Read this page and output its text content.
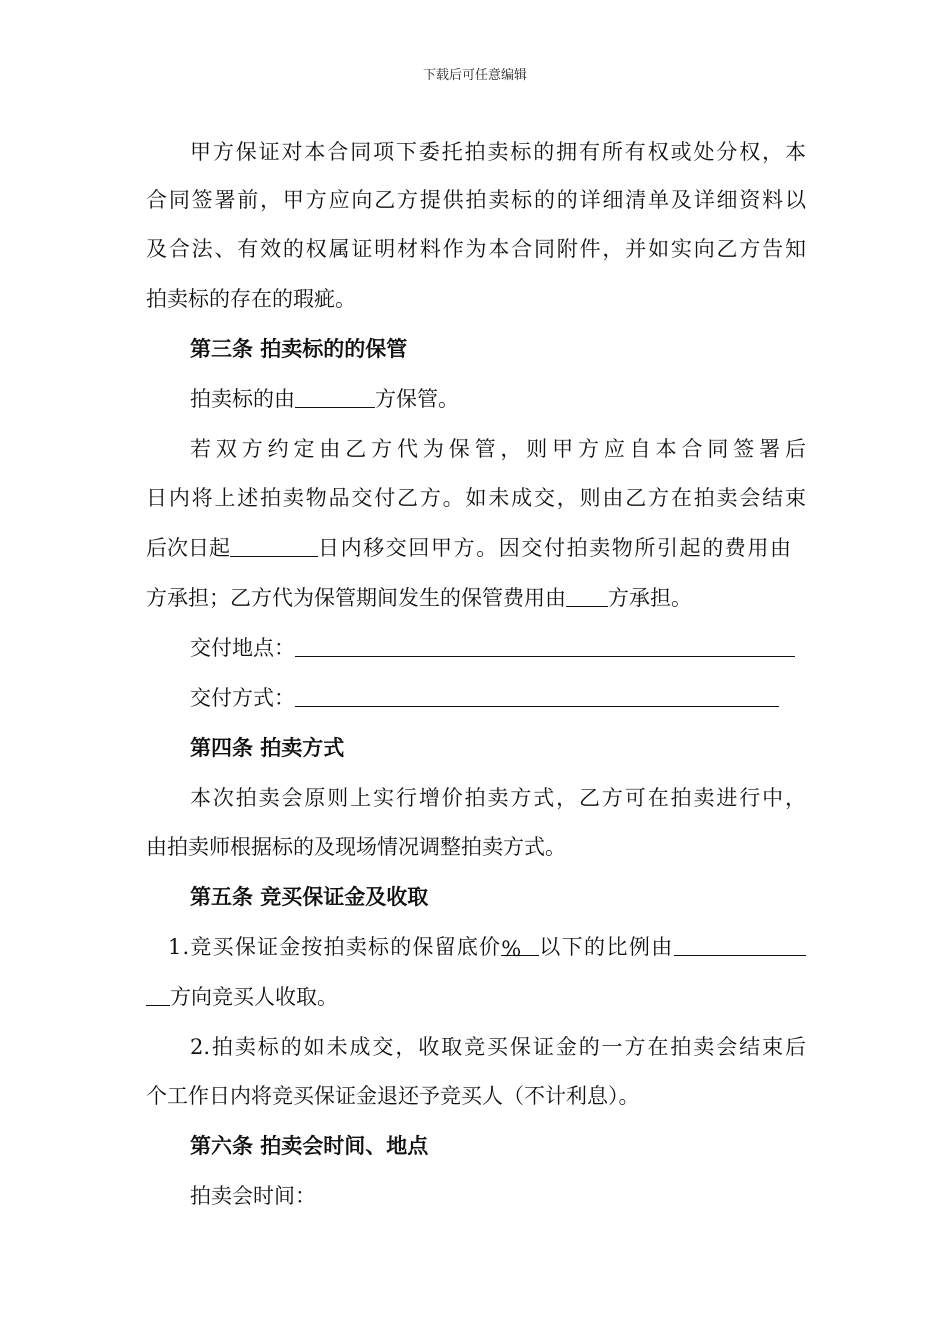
下载后可任意编辑
甲方保证对本合同项下委托拍卖标的拥有所有权或处分权，本
合同签署前，甲方应向乙方提供拍卖标的的详细清单及详细资料以
及合法、有效的权属证明材料作为本合同附件，并如实向乙方告知
拍卖标的存在的瑕疵。
第三条 拍卖标的的保管
拍卖标的由	方保管。
若双方约定由乙方代为保管，则甲方应自本合同签署后
日内将上述拍卖物品交付乙方。如未成交，则由乙方在拍卖会结束
后次日起	日内移交回甲方。因交付拍卖物所引起的费用由
方承担；乙方代为保管期间发生的保管费用由 方承担。
交付地点：
交付方式：
第四条 拍卖方式
本次拍卖会原则上实行增价拍卖方式，乙方可在拍卖进行中，
由拍卖师根据标的及现场情况调整拍卖方式。
第五条 竞买保证金及收取
1.竞买保证金按拍卖标的保留底价% 以下的比例由
方向竞买人收取。
2.拍卖标的如未成交，收取竞买保证金的一方在拍卖会结束后
个工作日内将竞买保证金退还予竞买人（不计利息）。
第六条 拍卖会时间、地点
拍卖会时间：
